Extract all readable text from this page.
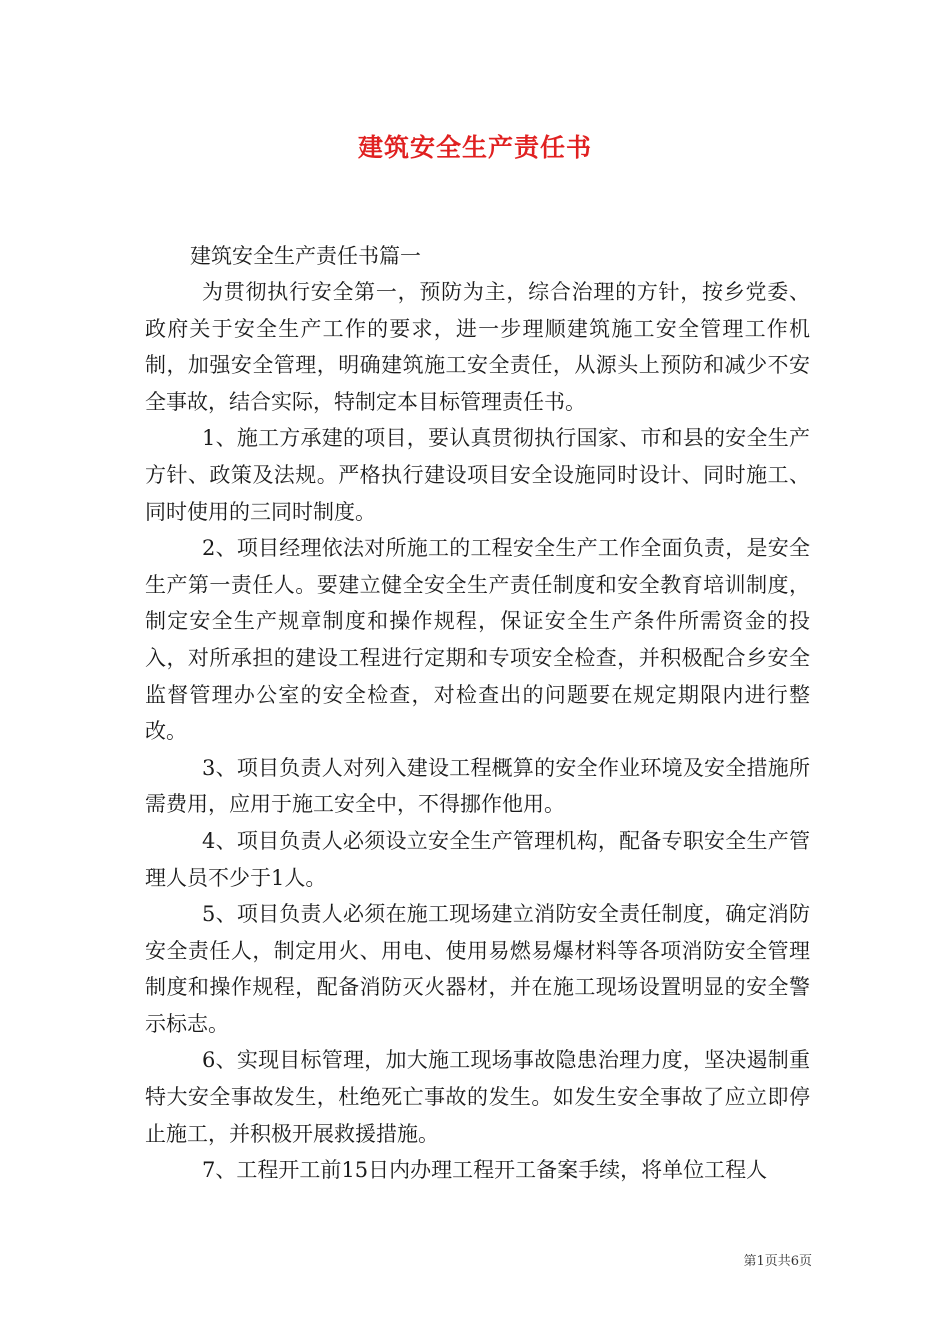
建筑安全生产责任书

建筑安全生产责任书篇一

为贯彻执行安全第一，预防为主，综合治理的方针，按乡党委、政府关于安全生产工作的要求，进一步理顺建筑施工安全管理工作机制，加强安全管理，明确建筑施工安全责任，从源头上预防和减少不安全事故，结合实际，特制定本目标管理责任书。

1、施工方承建的项目，要认真贯彻执行国家、市和县的安全生产方针、政策及法规。严格执行建设项目安全设施同时设计、同时施工、同时使用的三同时制度。

2、项目经理依法对所施工的工程安全生产工作全面负责，是安全生产第一责任人。要建立健全安全生产责任制度和安全教育培训制度，制定安全生产规章制度和操作规程，保证安全生产条件所需资金的投入，对所承担的建设工程进行定期和专项安全检查，并积极配合乡安全监督管理办公室的安全检查，对检查出的问题要在规定期限内进行整改。

3、项目负责人对列入建设工程概算的安全作业环境及安全措施所需费用，应用于施工安全中，不得挪作他用。

4、项目负责人必须设立安全生产管理机构，配备专职安全生产管理人员不少于1人。

5、项目负责人必须在施工现场建立消防安全责任制度，确定消防安全责任人，制定用火、用电、使用易燃易爆材料等各项消防安全管理制度和操作规程，配备消防灭火器材，并在施工现场设置明显的安全警示标志。

6、实现目标管理，加大施工现场事故隐患治理力度，坚决遏制重特大安全事故发生，杜绝死亡事故的发生。如发生安全事故了应立即停止施工，并积极开展救援措施。

7、工程开工前15日内办理工程开工备案手续，将单位工程人

第1页共6页
